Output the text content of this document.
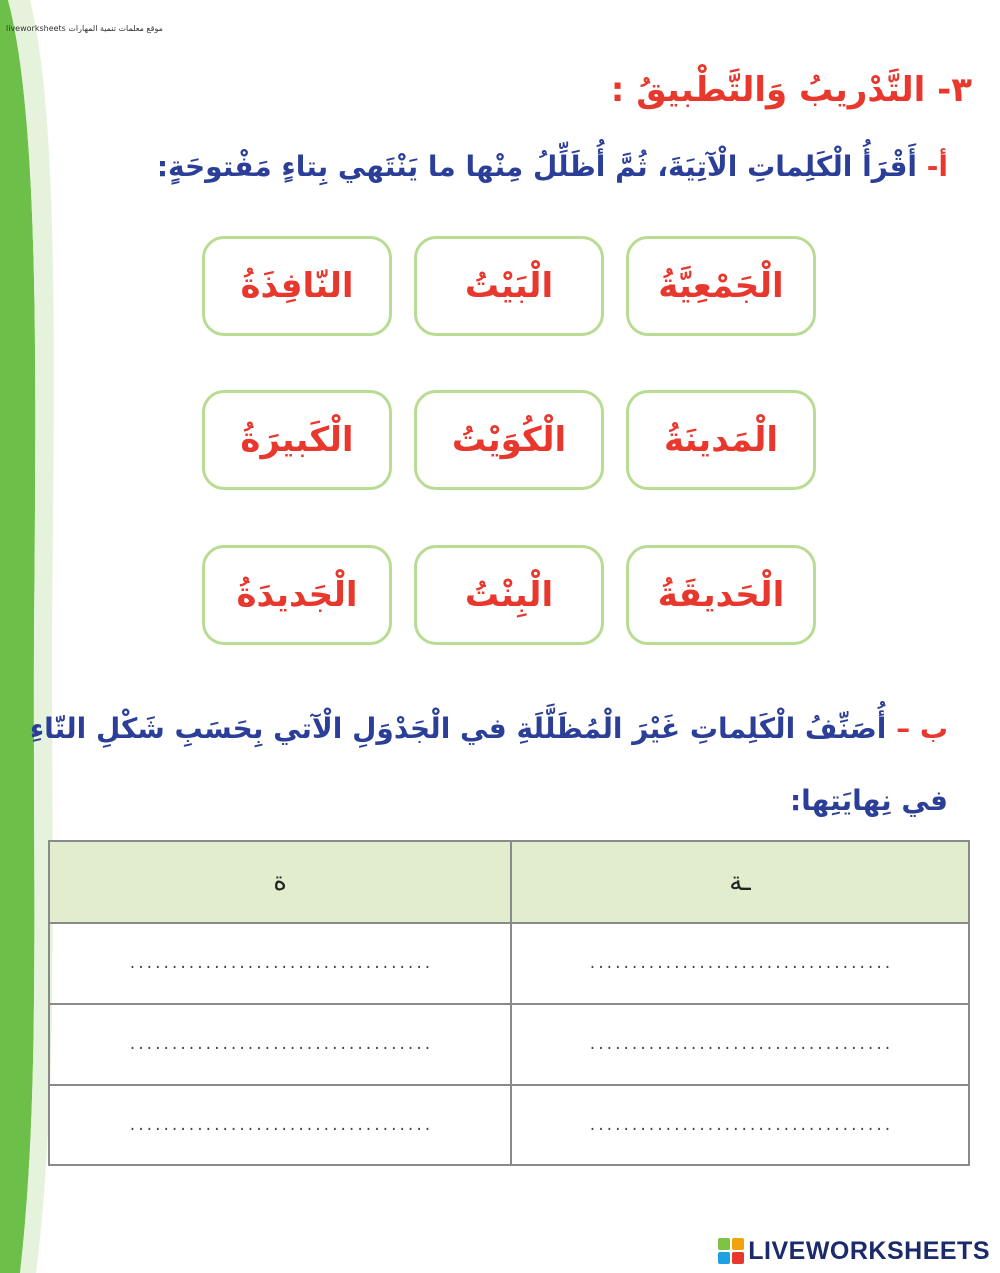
liveworksheets موقع معلمات تنمية المهارات
٣- التَّدْريبُ وَالتَّطْبيقُ :
أ- أَقْرَأُ الْكَلِماتِ الْآتِيَةَ، ثُمَّ أُظَلِّلُ مِنْها ما يَنْتَهي بِتاءٍ مَفْتوحَةٍ:
الْجَمْعِيَّةُ
الْبَيْتُ
النّافِذَةُ
الْمَدينَةُ
الْكُوَيْتُ
الْكَبيرَةُ
الْحَديقَةُ
الْبِنْتُ
الْجَديدَةُ
ب – أُصَنِّفُ الْكَلِماتِ غَيْرَ الْمُظَلَّلَةِ في الْجَدْوَلِ الْآتي بِحَسَبِ شَكْلِ التّاءِ
في نِهايَتِها:
ـة
ة
....................................
....................................
....................................
....................................
....................................
....................................
LIVEWORKSHEETS
